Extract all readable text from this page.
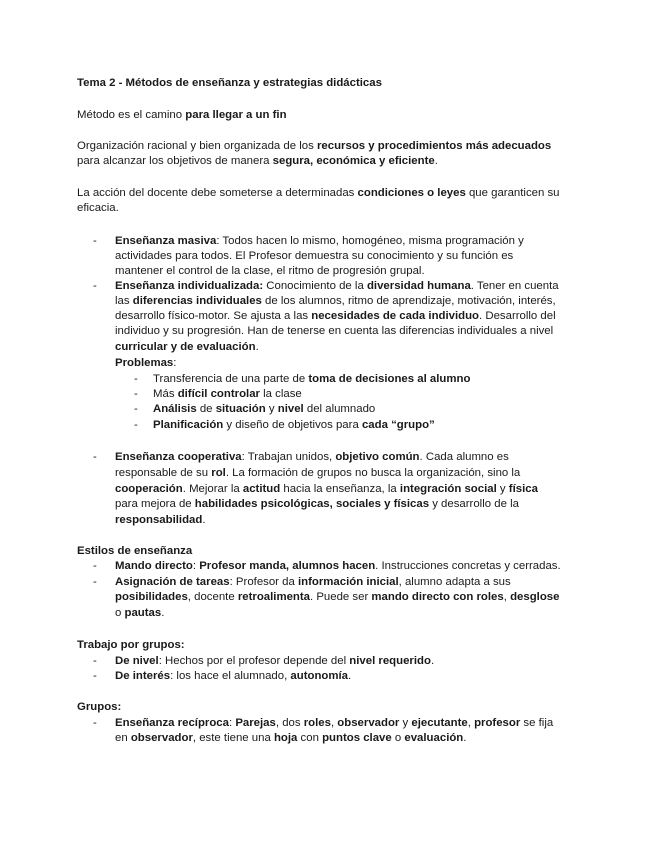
Tema 2 - Métodos de enseñanza y estrategias didácticas
Método es el camino para llegar a un fin
Organización racional y bien organizada de los recursos y procedimientos más adecuados
para alcanzar los objetivos de manera segura, económica y eficiente.
La acción del docente debe someterse a determinadas condiciones o leyes que garanticen su
eficacia.
- Enseñanza masiva: Todos hacen lo mismo, homogéneo, misma programación y
actividades para todos. El Profesor demuestra su conocimiento y su función es
mantener el control de la clase, el ritmo de progresión grupal.
- Enseñanza individualizada: Conocimiento de la diversidad humana. Tener en cuenta
las diferencias individuales de los alumnos, ritmo de aprendizaje, motivación, interés,
desarrollo físico-motor. Se ajusta a las necesidades de cada individuo. Desarrollo del
individuo y su progresión. Han de tenerse en cuenta las diferencias individuales a nivel
curricular y de evaluación.
Problemas:
- Transferencia de una parte de toma de decisiones al alumno
- Más difícil controlar la clase
- Análisis de situación y nivel del alumnado
- Planificación y diseño de objetivos para cada “grupo”
- Enseñanza cooperativa: Trabajan unidos, objetivo común. Cada alumno es
responsable de su rol. La formación de grupos no busca la organización, sino la
cooperación. Mejorar la actitud hacia la enseñanza, la integración social y física
para mejora de habilidades psicológicas, sociales y físicas y desarrollo de la
responsabilidad.
Estilos de enseñanza
- Mando directo: Profesor manda, alumnos hacen. Instrucciones concretas y cerradas.
- Asignación de tareas: Profesor da información inicial, alumno adapta a sus
posibilidades, docente retroalimenta. Puede ser mando directo con roles, desglose
o pautas.
Trabajo por grupos:
- De nivel: Hechos por el profesor depende del nivel requerido.
- De interés: los hace el alumnado, autonomía.
Grupos:
- Enseñanza recíproca: Parejas, dos roles, observador y ejecutante, profesor se fija
en observador, este tiene una hoja con puntos clave o evaluación.
